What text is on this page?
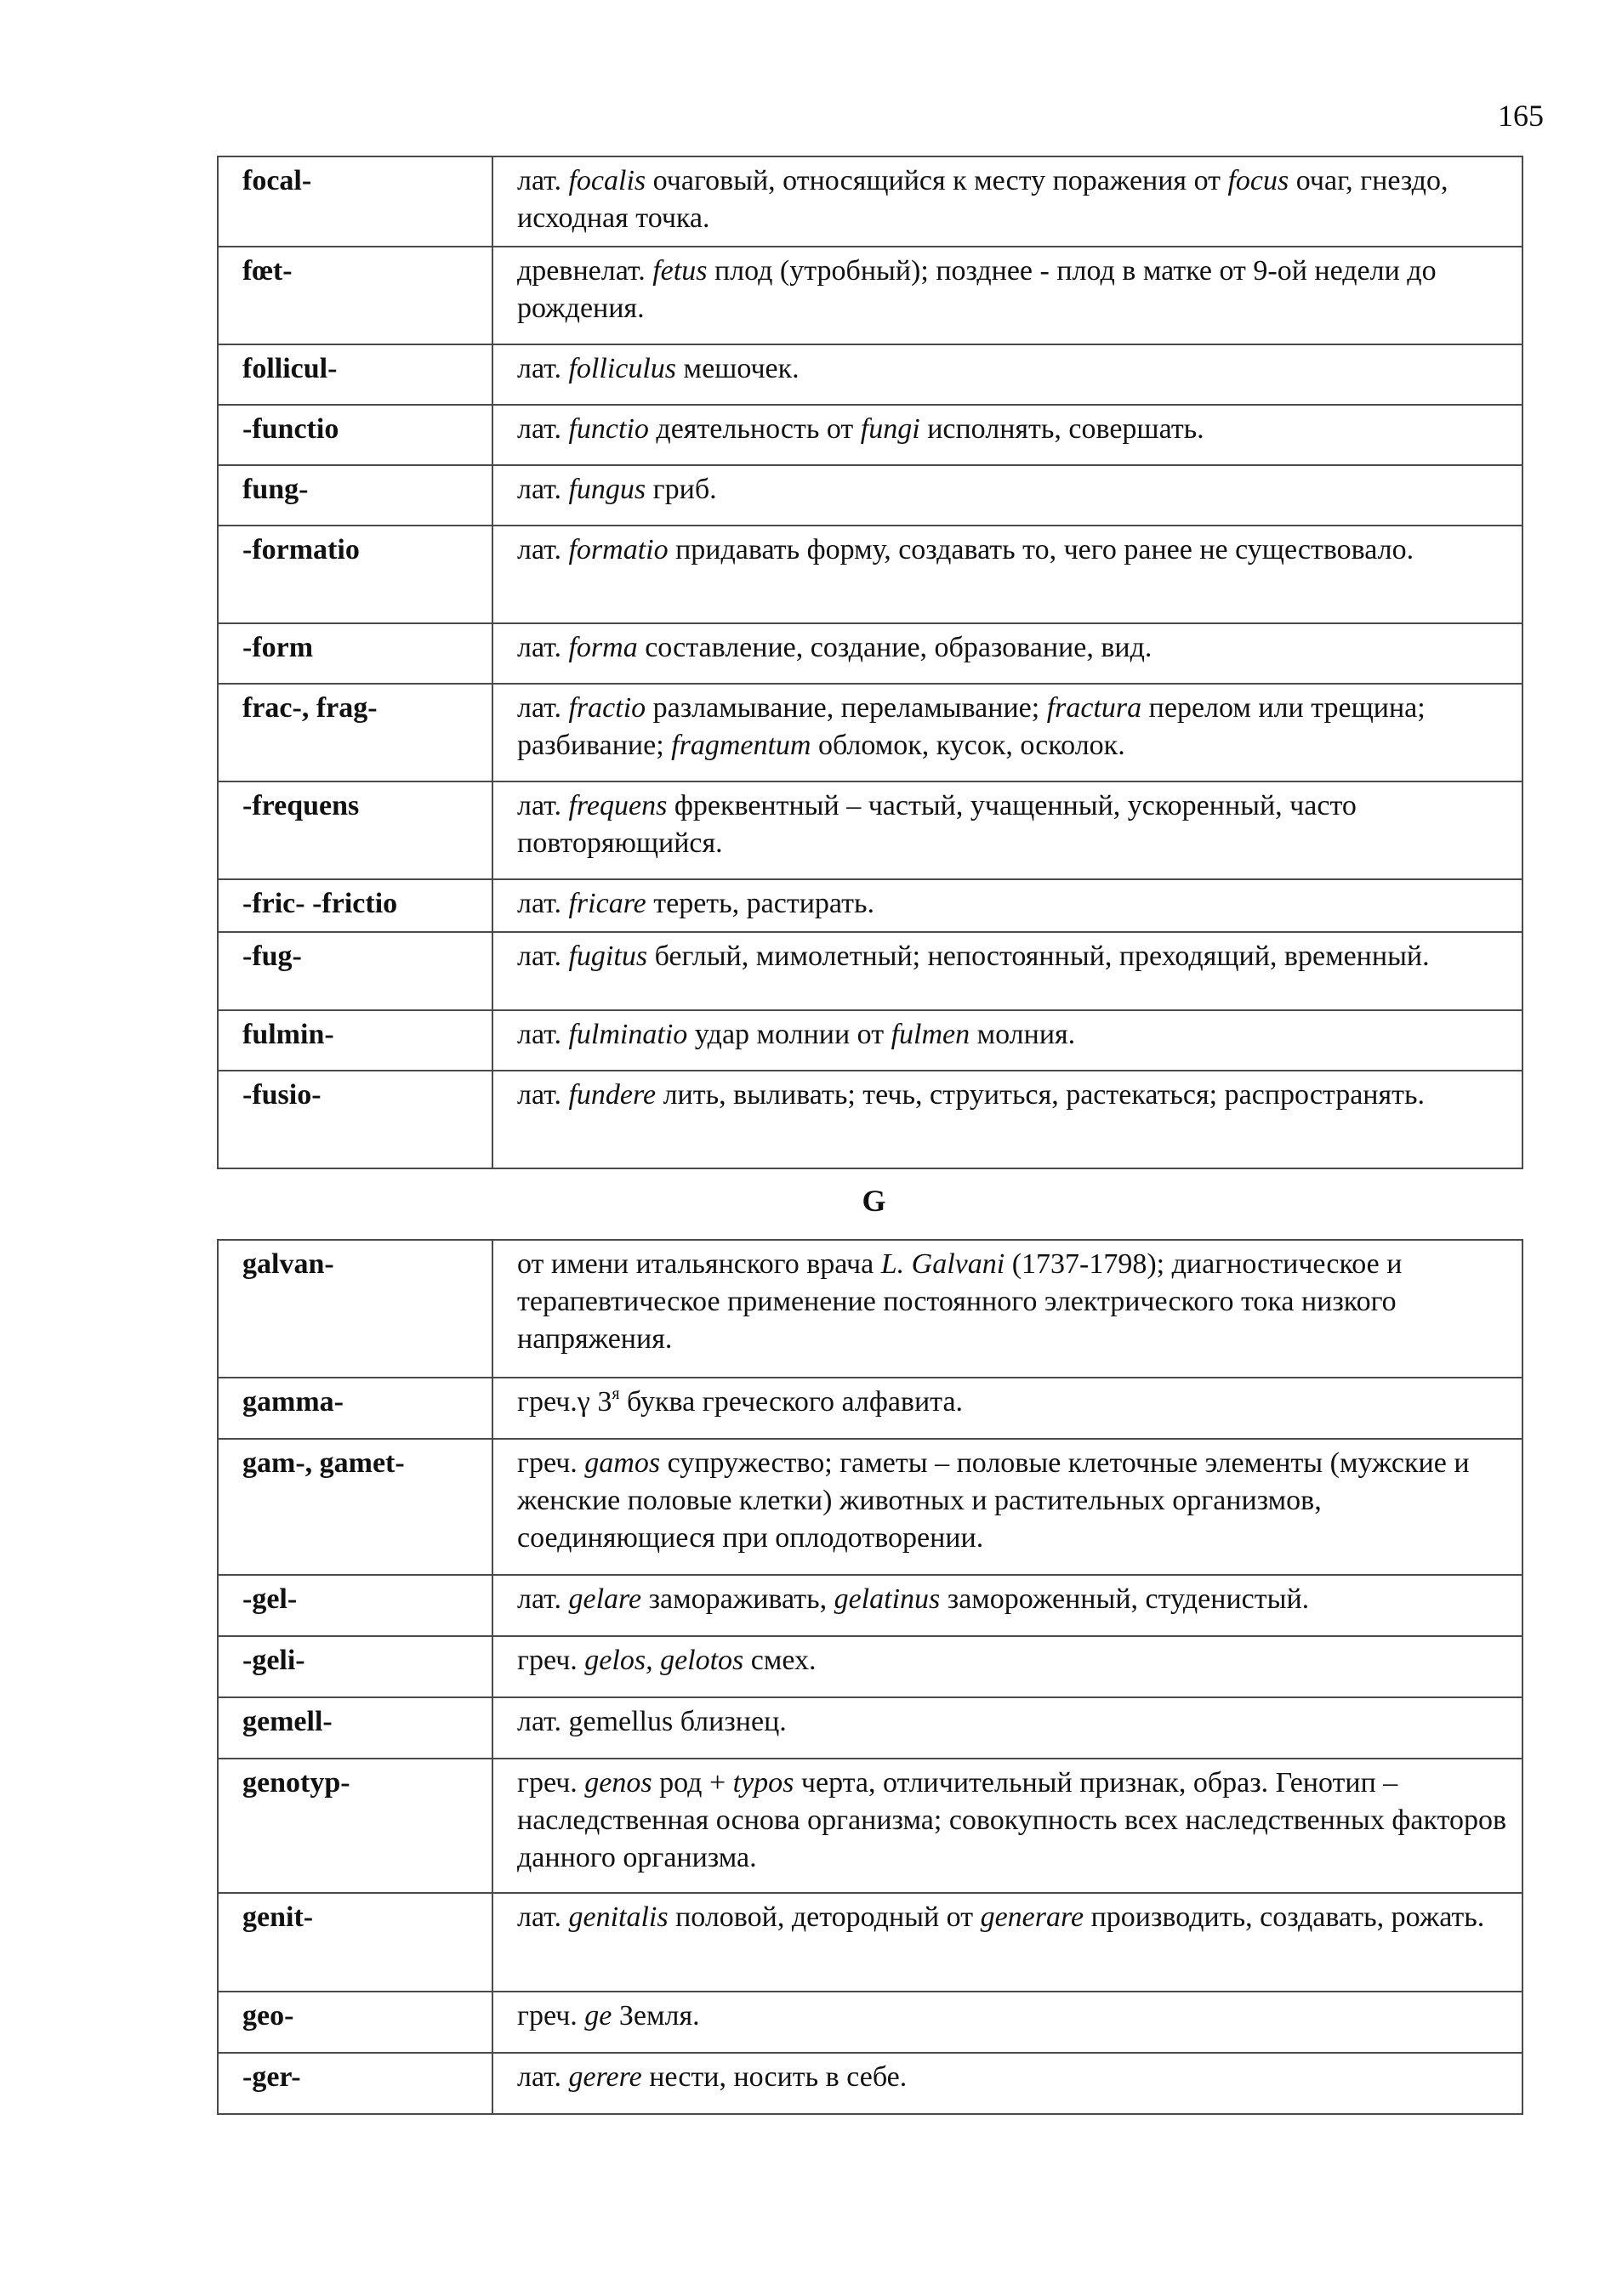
165
focal-	лат. focalis очаговый, относящийся к месту поражения от focus очаг, гнездо, исходная точка.
fœt-	древнелат. fetus плод (утробный); позднее - плод в матке от 9-ой недели до рождения.
follicul-	лат. folliculus мешочек.
-functio	лат. functio деятельность от fungi исполнять, совершать.
fung-	лат. fungus гриб.
-formatio	лат. formatio придавать форму, создавать то, чего ранее не существовало.
-form	лат. forma составление, создание, образование, вид.
frac-, frag-	лат. fractio разламывание, переламывание; fractura перелом или трещина; разбивание; fragmentum обломок, кусок, осколок.
-frequens	лат. frequens фреквентный – частый, учащенный, ускоренный, часто повторяющийся.
-fric- -frictio	лат. fricare тереть, растирать.
-fug-	лат. fugitus беглый, мимолетный; непостоянный, преходящий, временный.
fulmin-	лат. fulminatio удар молнии от fulmen молния.
-fusio-	лат. fundere лить, выливать; течь, струиться, растекаться; распространять.
G
galvan-	от имени итальянского врача L. Galvani (1737-1798); диагностическое и терапевтическое применение постоянного электрического тока низкого напряжения.
gamma-	греч.γ $3^я$ буква греческого алфавита.
gam-, gamet-	греч. gamos супружество; гаметы – половые клеточные элементы (мужские и женские половые клетки) животных и растительных организмов, соединяющиеся при оплодотворении.
-gel-	лат. gelare замораживать, gelatinus замороженный, студенистый.
-geli-	греч. gelos, gelotos смех.
gemell-	лат. gemellus близнец.
genotyp-	греч. genos род + typos черта, отличительный признак, образ. Генотип – наследственная основа организма; совокупность всех наследственных факторов данного организма.
genit-	лат. genitalis половой, детородный от generare производить, создавать, рожать.
geo-	греч. ge Земля.
-ger-	лат. gerere нести, носить в себе.
